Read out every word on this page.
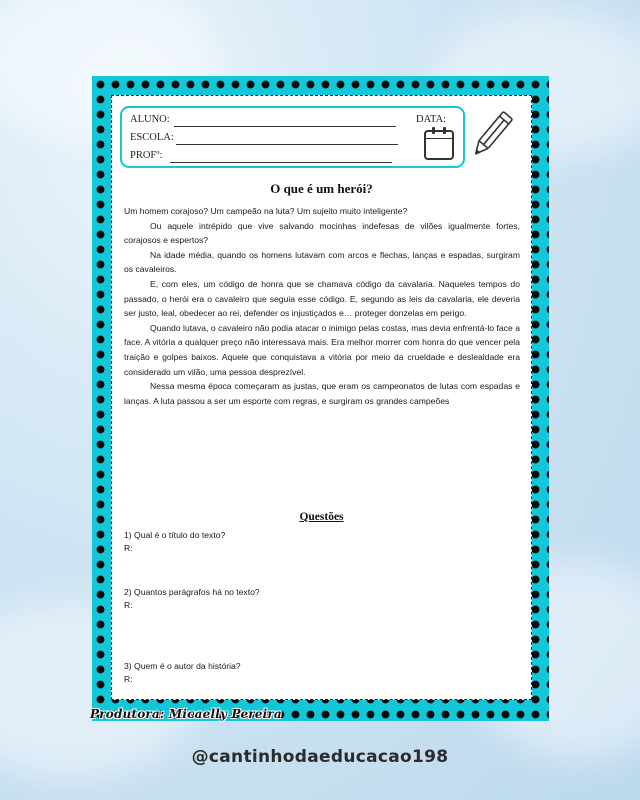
ALUNO:
ESCOLA:
PROFº:
DATA:
O que é um herói?

Um homem corajoso? Um campeão na luta? Um sujeito muito inteligente?

Ou aquele intrépido que vive salvando mocinhas indefesas de vilões igualmente fortes, corajosos e espertos?

Na idade média, quando os homens lutavam com arcos e flechas, lanças e espadas, surgiram os cavaleiros.

E, com eles, um código de honra que se chamava código da cavalaria. Naqueles tempos do passado, o herói era o cavaleiro que seguia esse código. E, segundo as leis da cavalaria, ele deveria ser justo, leal, obedecer ao rei, defender os injustiçados e… proteger donzelas em perigo.

Quando lutava, o cavaleiro não podia atacar o inimigo pelas costas, mas devia enfrentá-lo face a face. A vitória a qualquer preço não interessava mais. Era melhor morrer com honra do que vencer pela traição e golpes baixos. Aquele que conquistava a vitória por meio da crueldade e deslealdade era considerado um vilão, uma pessoa desprezível.

Nessa mesma época começaram as justas, que eram os campeonatos de lutas com espadas e lanças. A luta passou a ser um esporte com regras, e surgiram os grandes campeões

Questões
1) Qual é o título do texto?
R:
2) Quantos parágrafos há no texto?
R:
3) Quem é o autor da história?
R:
Produtora: Micaelly Pereira
@cantinhodaeducacao198
